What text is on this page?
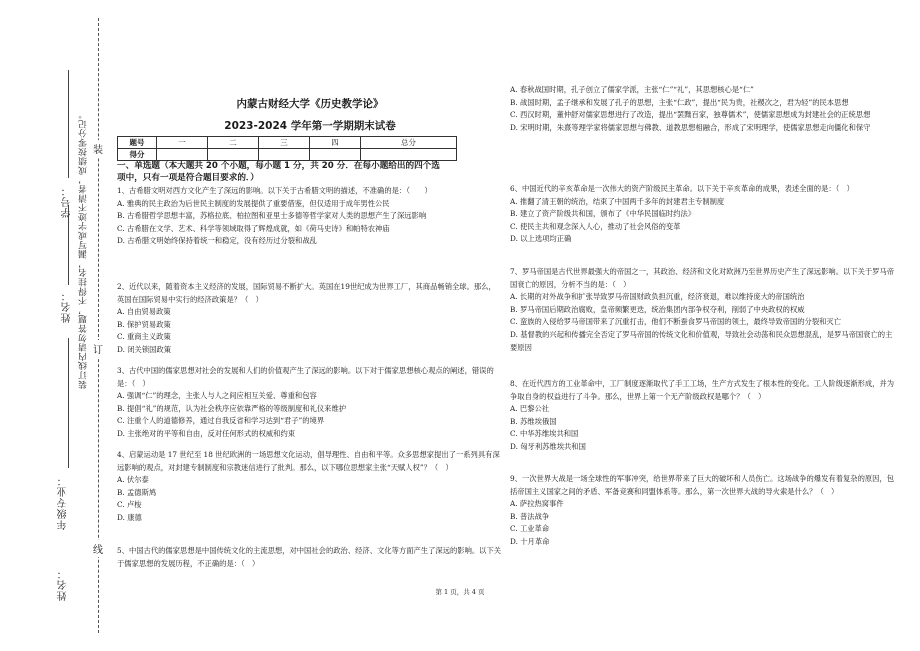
学号：
姓名：
年级专业：
姓名：
装订线内请勿答题，不得挂名，漏写或字迹不清者，成绩按零分记。 装
订
线
内蒙古财经大学《历史教学论》
2023-2024 学年第一学期期末试卷
题号	一	二	三	四	总分
得分					
一、单选题（本大题共 20 个小题，每小题 1 分，共 20 分．在每小题给出的四个选项中，只有一项是符合题目要求的．）
1、古希腊文明对西方文化产生了深远的影响。以下关于古希腊文明的描述，不准确的是：（　　）
A. 雅典的民主政治为后世民主制度的发展提供了重要借鉴，但仅适用于成年男性公民
B. 古希腊哲学思想丰富，苏格拉底、柏拉图和亚里士多德等哲学家对人类的思想产生了深远影响
C. 古希腊在文学、艺术、科学等领域取得了辉煌成就，如《荷马史诗》和帕特农神庙
D. 古希腊文明始终保持着统一和稳定，没有经历过分裂和战乱
2、近代以来，随着资本主义经济的发展，国际贸易不断扩大。英国在19世纪成为世界工厂，其商品畅销全球。那么，英国在国际贸易中实行的经济政策是？（　）
A. 自由贸易政策
B. 保护贸易政策
C. 重商主义政策
D. 闭关锁国政策
3、古代中国的儒家思想对社会的发展和人们的价值观产生了深远的影响。以下对于儒家思想核心观点的阐述，错误的是：（　）
A. 强调“仁”的理念，主张人与人之间应相互关爱、尊重和包容
B. 提倡“礼”的规范，认为社会秩序应依靠严格的等级制度和礼仪来维护
C. 注重个人的道德修养，通过自我反省和学习达到“君子”的境界
D. 主张绝对的平等和自由，反对任何形式的权威和约束
4、启蒙运动是 17 世纪至 18 世纪欧洲的一场思想文化运动，倡导理性、自由和平等。众多思想家提出了一系列具有深远影响的观点，对封建专制制度和宗教迷信进行了批判。那么，以下哪位思想家主张“天赋人权”？（　）
A. 伏尔泰
B. 孟德斯鸠
C. 卢梭
D. 康德
5、中国古代的儒家思想是中国传统文化的主流思想，对中国社会的政治、经济、文化等方面产生了深远的影响。以下关于儒家思想的发展历程，不正确的是：（　）
A. 春秋战国时期，孔子创立了儒家学派，主张“仁”“礼”，其思想核心是“仁”
B. 战国时期，孟子继承和发展了孔子的思想，主张“仁政”，提出“民为贵，社稷次之，君为轻”的民本思想
C. 西汉时期，董仲舒对儒家思想进行了改造，提出“罢黜百家，独尊儒术”，使儒家思想成为封建社会的正统思想
D. 宋明时期，朱熹等理学家将儒家思想与佛教、道教思想相融合，形成了宋明理学，使儒家思想走向僵化和保守
6、中国近代的辛亥革命是一次伟大的资产阶级民主革命。以下关于辛亥革命的成果，表述全面的是：（　）
A. 推翻了清王朝的统治，结束了中国两千多年的封建君主专制制度
B. 建立了资产阶级共和国，颁布了《中华民国临时约法》
C. 使民主共和观念深入人心，推动了社会风俗的变革
D. 以上选项均正确
7、罗马帝国是古代世界最强大的帝国之一，其政治、经济和文化对欧洲乃至世界历史产生了深远影响。以下关于罗马帝国衰亡的原因，分析不当的是：（　）
A. 长期的对外战争和扩张导致罗马帝国财政负担沉重，经济衰退，难以维持庞大的帝国统治
B. 罗马帝国后期政治腐败，皇帝频繁更迭，统治集团内部争权夺利，削弱了中央政权的权威
C. 蛮族的入侵给罗马帝国带来了沉重打击，他们不断蚕食罗马帝国的领土，最终导致帝国的分裂和灭亡
D. 基督教的兴起和传播完全否定了罗马帝国的传统文化和价值观，导致社会动荡和民众思想混乱，是罗马帝国衰亡的主要原因
8、在近代西方的工业革命中，工厂制度逐渐取代了手工工场，生产方式发生了根本性的变化。工人阶级逐渐形成，并为争取自身的权益进行了斗争。那么，世界上第一个无产阶级政权是哪个？（　）
A. 巴黎公社
B. 苏维埃俄国
C. 中华苏维埃共和国
D. 匈牙利苏维埃共和国
9、一次世界大战是一场全球性的军事冲突，给世界带来了巨大的破坏和人员伤亡。这场战争的爆发有着复杂的原因，包括帝国主义国家之间的矛盾、军备竞赛和同盟体系等。那么，第一次世界大战的导火索是什么？（　）
A. 萨拉热窝事件
B. 普法战争
C. 工业革命
D. 十月革命
第 1 页，共 4 页
